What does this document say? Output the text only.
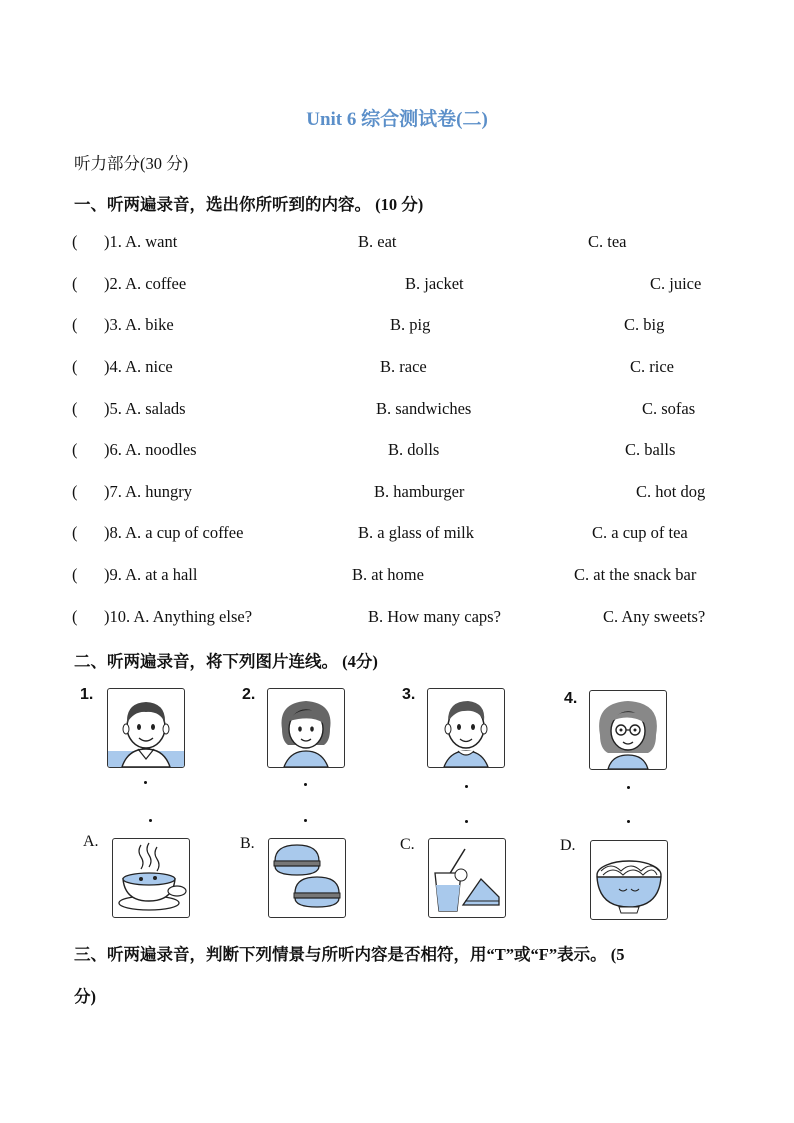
Unit 6 综合测试卷(二)
听力部分(30 分)
一、听两遍录音，选出你所听到的内容。 (10 分)
( )1. A. want	B. eat	C. tea
( )2. A. coffee	B. jacket	C. juice
( )3. A. bike	B. pig	C. big
( )4. A. nice	B. race	C. rice
( )5. A. salads	B. sandwiches	C. sofas
( )6. A. noodles	B. dolls	C. balls
( )7. A. hungry	B. hamburger	C. hot dog
( )8. A. a cup of coffee	B. a glass of milk	C. a cup of tea
( )9. A. at a hall	B. at home	C. at the snack bar
( )10. A. Anything else?	B. How many caps?	C. Any sweets?
二、听两遍录音，将下列图片连线。 (4分)
1.	2.	3.	4.
A.	B.	C.	D.
三、听两遍录音，判断下列情景与所听内容是否相符，用“T”或“F”表示。 (5
分)
